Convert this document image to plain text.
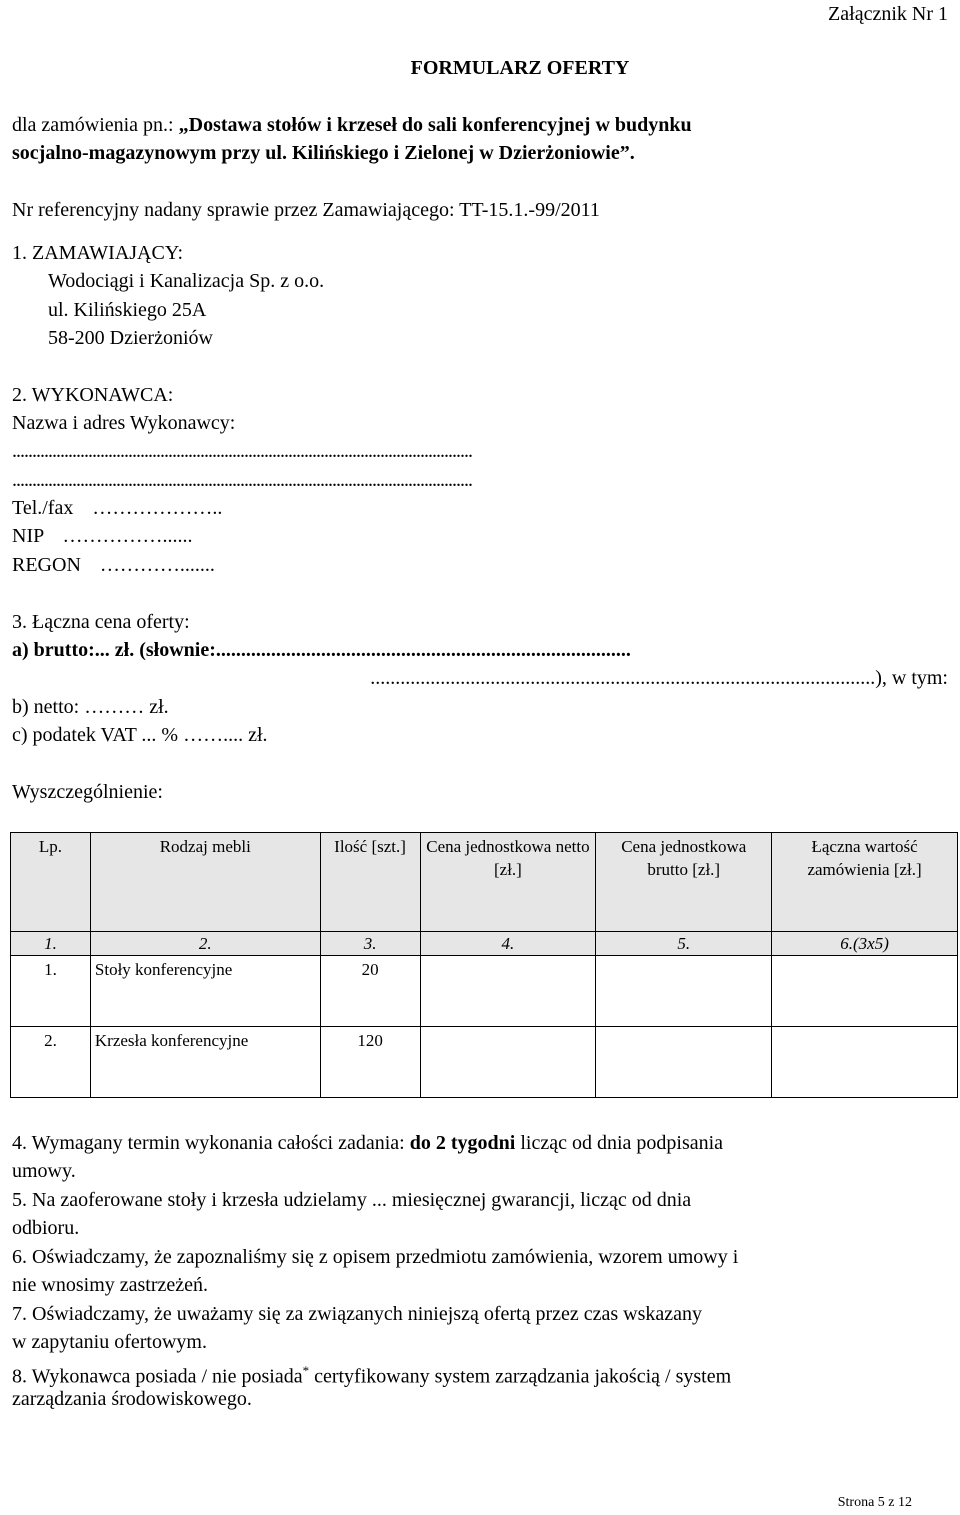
Załącznik Nr 1
FORMULARZ OFERTY
dla zamówienia pn.: „Dostawa stołów i krzeseł do sali konferencyjnej w budynku
socjalno-magazynowym przy ul. Kilińskiego i Zielonej w Dzierżoniowie”.
Nr referencyjny nadany sprawie przez Zamawiającego: TT-15.1.-99/2011
1. ZAMAWIAJĄCY:
Wodociągi i Kanalizacja Sp. z o.o.
ul. Kilińskiego 25A
58-200 Dzierżoniów
2. WYKONAWCA:
Nazwa i adres Wykonawcy:
...................................................................................................................
...................................................................................................................
Tel./fax ………………..
NIP ……………......
REGON ………….......
3. Łączna cena oferty:
a) brutto:... zł. (słownie:...................................................................................
.....................................................................................................), w tym:
b) netto: ……… zł.
c) podatek VAT ... % …….... zł.
Wyszczególnienie:
Lp.	Rodzaj mebli	Ilość [szt.]	Cena jednostkowa netto [zł.]	Cena jednostkowa brutto [zł.]	Łączna wartość zamówienia [zł.]
1.	2.	3.	4.	5.	6.(3x5)
1.	Stoły konferencyjne	20			
2.	Krzesła konferencyjne	120			
4. Wymagany termin wykonania całości zadania: do 2 tygodni licząc od dnia podpisania
umowy.
5. Na zaoferowane stoły i krzesła udzielamy ... miesięcznej gwarancji, licząc od dnia
odbioru.
6. Oświadczamy, że zapoznaliśmy się z opisem przedmiotu zamówienia, wzorem umowy i
nie wnosimy zastrzeżeń.
7. Oświadczamy, że uważamy się za związanych niniejszą ofertą przez czas wskazany
w zapytaniu ofertowym.
8. Wykonawca posiada / nie posiada* certyfikowany system zarządzania jakością / system
zarządzania środowiskowego.
Strona 5 z 12
